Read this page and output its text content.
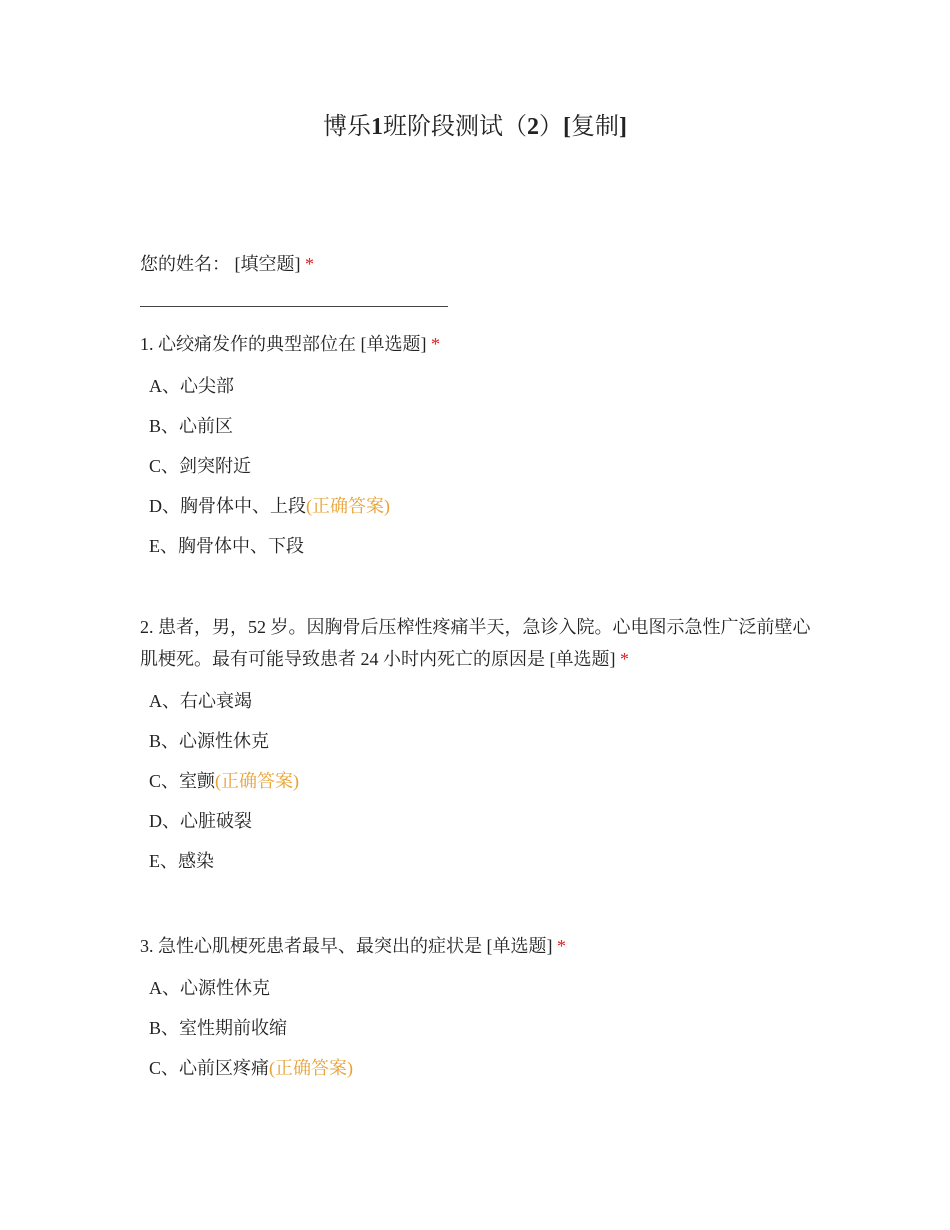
博乐1班阶段测试（2）[复制]
您的姓名： [填空题] *
1. 心绞痛发作的典型部位在 [单选题] *
A、心尖部
B、心前区
C、剑突附近
D、胸骨体中、上段(正确答案)
E、胸骨体中、下段
2. 患者，男，52 岁。因胸骨后压榨性疼痛半天，急诊入院。心电图示急性广泛前壁心肌梗死。最有可能导致患者 24 小时内死亡的原因是 [单选题] *
A、右心衰竭
B、心源性休克
C、室颤(正确答案)
D、心脏破裂
E、感染
3. 急性心肌梗死患者最早、最突出的症状是 [单选题] *
A、心源性休克
B、室性期前收缩
C、心前区疼痛(正确答案)
